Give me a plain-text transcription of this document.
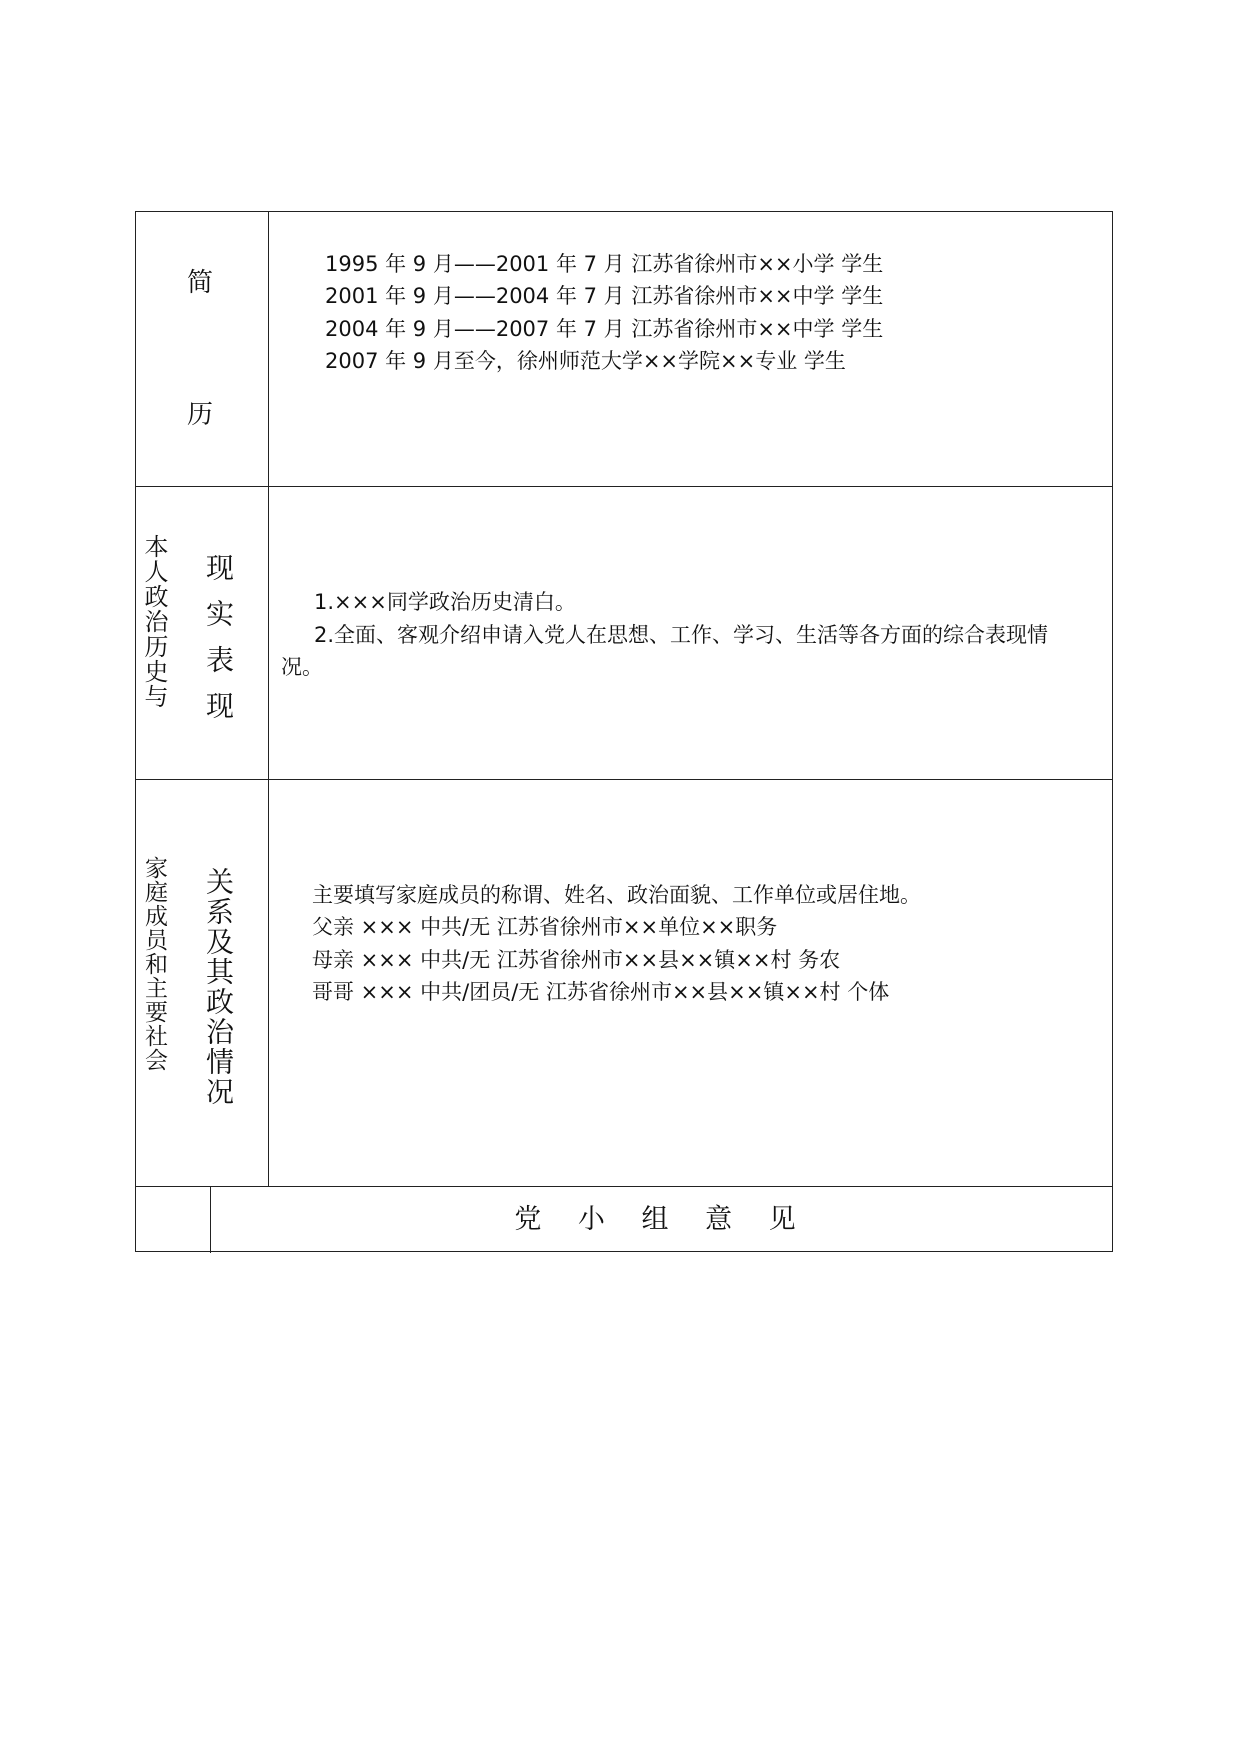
简
历
1995 年 9 月——2001 年 7 月 江苏省徐州市××小学 学生
2001 年 9 月——2004 年 7 月 江苏省徐州市××中学 学生
2004 年 9 月——2007 年 7 月 江苏省徐州市××中学 学生
2007 年 9 月至今，徐州师范大学××学院××专业 学生
本人政治历史与 现实表现	1.×××同学政治历史清白。
2.全面、客观介绍申请入党人在思想、工作、学习、生活等各方面的综合表现情
况。
家庭成员和主要社会 关系及其政治情况	主要填写家庭成员的称谓、姓名、政治面貌、工作单位或居住地。
父亲 ××× 中共/无 江苏省徐州市××单位××职务
母亲 ××× 中共/无 江苏省徐州市××县××镇××村 务农
哥哥 ××× 中共/团员/无 江苏省徐州市××县××镇××村 个体
党 小 组 意 见
